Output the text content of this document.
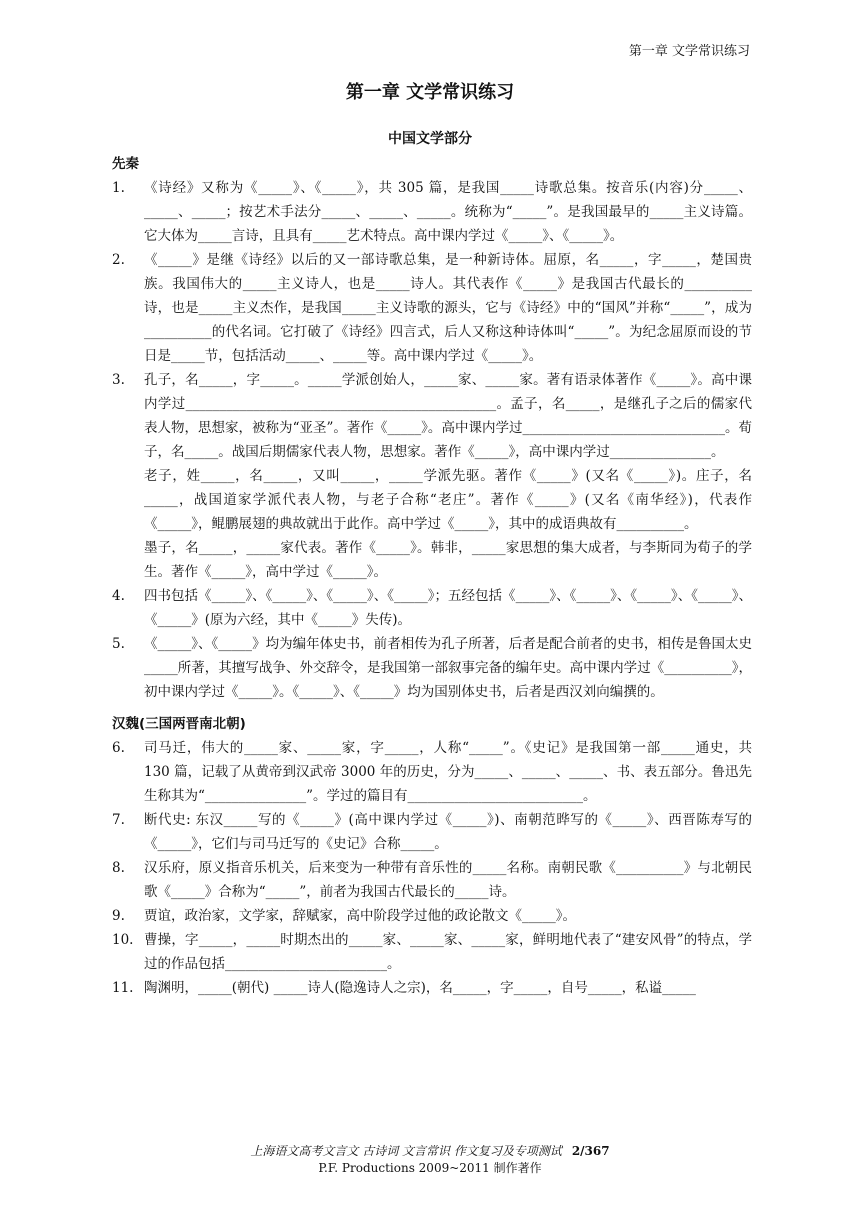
第一章 文学常识练习
第一章 文学常识练习
中国文学部分

先秦

1.	《诗经》又称为《_____》、《_____》，共 305 篇，是我国_____诗歌总集。按音乐(内容)分_____、_____、_____；按艺术手法分_____、_____、_____。统称为“_____”。是我国最早的_____主义诗篇。它大体为_____言诗，且具有_____艺术特点。高中课内学过《_____》、《_____》。

2.	《_____》是继《诗经》以后的又一部诗歌总集，是一种新诗体。屈原，名_____，字_____，楚国贵族。我国伟大的_____主义诗人，也是_____诗人。其代表作《_____》是我国古代最长的__________诗，也是_____主义杰作，是我国_____主义诗歌的源头，它与《诗经》中的“国风”并称“_____”，成为__________的代名词。它打破了《诗经》四言式，后人又称这种诗体叫“_____”。为纪念屈原而设的节日是_____节，包括活动_____、_____等。高中课内学过《_____》。

3.	孔子，名_____，字_____。_____学派创始人，_____家、_____家。著有语录体著作《_____》。高中课内学过______________________________________________。孟子，名_____，是继孔子之后的儒家代表人物，思想家，被称为“亚圣”。著作《_____》。高中课内学过______________________________。荀子，名_____。战国后期儒家代表人物，思想家。著作《_____》，高中课内学过_______________。

老子，姓_____，名_____，又叫_____，_____学派先驱。著作《_____》(又名《_____》)。庄子，名_____，战国道家学派代表人物，与老子合称“老庄”。著作《_____》(又名《南华经》)，代表作《_____》，鲲鹏展翅的典故就出于此作。高中学过《_____》，其中的成语典故有__________。
墨子，名_____，_____家代表。著作《_____》。韩非，_____家思想的集大成者，与李斯同为荀子的学生。著作《_____》，高中学过《_____》。
4.	四书包括《_____》、《_____》、《_____》、《_____》；五经包括《_____》、《_____》、《_____》、《_____》、《_____》(原为六经，其中《_____》失传)。

5.	《_____》、《_____》均为编年体史书，前者相传为孔子所著，后者是配合前者的史书，相传是鲁国太史_____所著，其擅写战争、外交辞令，是我国第一部叙事完备的编年史。高中课内学过《__________》，初中课内学过《_____》。《_____》、《_____》均为国别体史书，后者是西汉刘向编撰的。

汉魏(三国两晋南北朝)

6.	司马迁，伟大的_____家、_____家，字_____，人称“_____”。《史记》是我国第一部_____通史，共 130 篇，记载了从黄帝到汉武帝 3000 年的历史，分为_____、_____、_____、书、表五部分。鲁迅先生称其为“_______________”。学过的篇目有__________________________。

7.	断代史: 东汉_____写的《_____》(高中课内学过《_____》)、南朝范晔写的《_____》、西晋陈寿写的《_____》，它们与司马迁写的《史记》合称_____。

8.	汉乐府，原义指音乐机关，后来变为一种带有音乐性的_____名称。南朝民歌《__________》与北朝民歌《_____》合称为“_____”，前者为我国古代最长的_____诗。

9.	贾谊，政治家，文学家，辞赋家，高中阶段学过他的政论散文《_____》。

10. 曹操，字_____，_____时期杰出的_____家、_____家、_____家，鲜明地代表了“建安风骨”的特点，学过的作品包括________________________。

11. 陶渊明，_____(朝代) _____诗人(隐逸诗人之宗)，名_____，字_____，自号_____，私谥_____

上海语文高考文言文 古诗词 文言常识 作文复习及专项测试 2/367
P.F. Productions 2009~2011 制作著作
